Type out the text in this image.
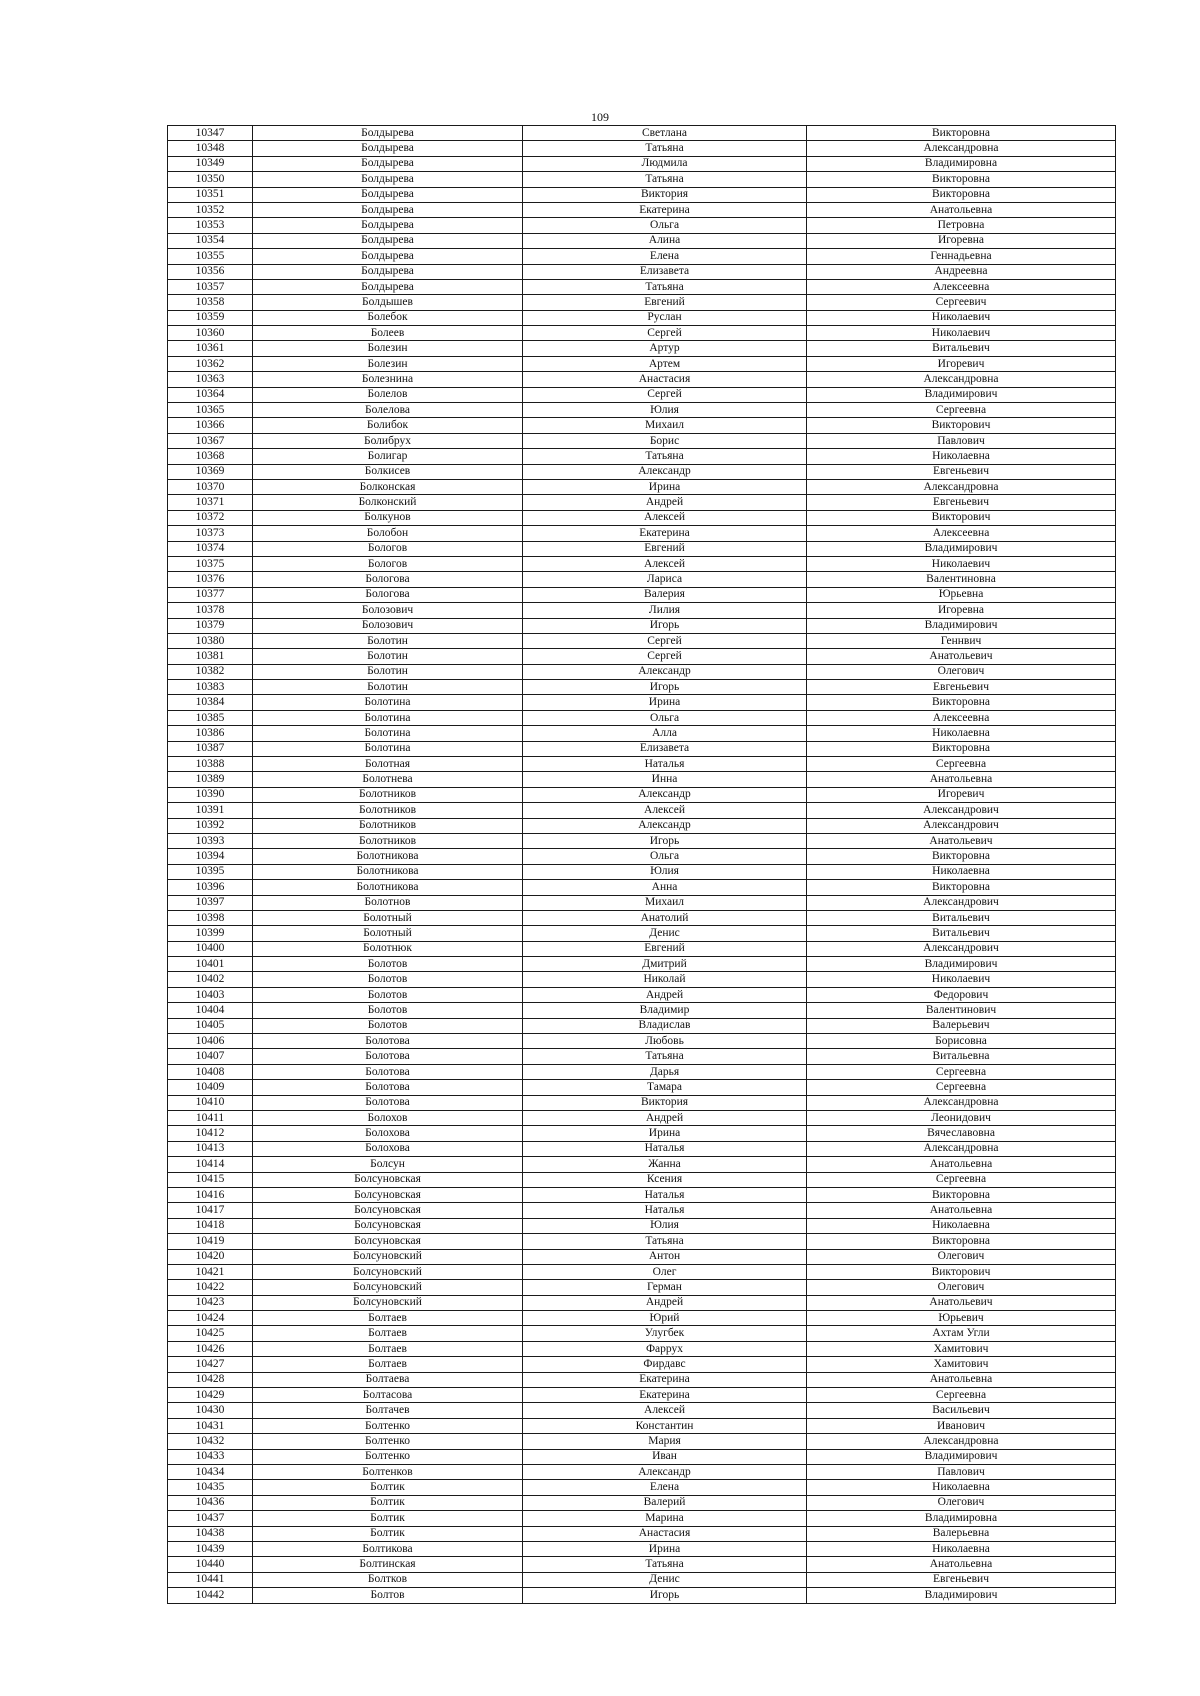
109
10347	Болдырева	Светлана	Викторовна
10348	Болдырева	Татьяна	Александровна
10349	Болдырева	Людмила	Владимировна
10350	Болдырева	Татьяна	Викторовна
10351	Болдырева	Виктория	Викторовна
10352	Болдырева	Екатерина	Анатольевна
10353	Болдырева	Ольга	Петровна
10354	Болдырева	Алина	Игоревна
10355	Болдырева	Елена	Геннадьевна
10356	Болдырева	Елизавета	Андреевна
10357	Болдырева	Татьяна	Алексеевна
10358	Болдышев	Евгений	Сергеевич
10359	Болебок	Руслан	Николаевич
10360	Болеев	Сергей	Николаевич
10361	Болезин	Артур	Витальевич
10362	Болезин	Артем	Игоревич
10363	Болезнина	Анастасия	Александровна
10364	Болелов	Сергей	Владимирович
10365	Болелова	Юлия	Сергеевна
10366	Болибок	Михаил	Викторович
10367	Болибрух	Борис	Павлович
10368	Болигар	Татьяна	Николаевна
10369	Болкисев	Александр	Евгеньевич
10370	Болконская	Ирина	Александровна
10371	Болконский	Андрей	Евгеньевич
10372	Болкунов	Алексей	Викторович
10373	Болобон	Екатерина	Алексеевна
10374	Бологов	Евгений	Владимирович
10375	Бологов	Алексей	Николаевич
10376	Бологова	Лариса	Валентиновна
10377	Бологова	Валерия	Юрьевна
10378	Болозович	Лилия	Игоревна
10379	Болозович	Игорь	Владимирович
10380	Болотин	Сергей	Геннвич
10381	Болотин	Сергей	Анатольевич
10382	Болотин	Александр	Олегович
10383	Болотин	Игорь	Евгеньевич
10384	Болотина	Ирина	Викторовна
10385	Болотина	Ольга	Алексеевна
10386	Болотина	Алла	Николаевна
10387	Болотина	Елизавета	Викторовна
10388	Болотная	Наталья	Сергеевна
10389	Болотнева	Инна	Анатольевна
10390	Болотников	Александр	Игоревич
10391	Болотников	Алексей	Александрович
10392	Болотников	Александр	Александрович
10393	Болотников	Игорь	Анатольевич
10394	Болотникова	Ольга	Викторовна
10395	Болотникова	Юлия	Николаевна
10396	Болотникова	Анна	Викторовна
10397	Болотнов	Михаил	Александрович
10398	Болотный	Анатолий	Витальевич
10399	Болотный	Денис	Витальевич
10400	Болотнюк	Евгений	Александрович
10401	Болотов	Дмитрий	Владимирович
10402	Болотов	Николай	Николаевич
10403	Болотов	Андрей	Федорович
10404	Болотов	Владимир	Валентинович
10405	Болотов	Владислав	Валерьевич
10406	Болотова	Любовь	Борисовна
10407	Болотова	Татьяна	Витальевна
10408	Болотова	Дарья	Сергеевна
10409	Болотова	Тамара	Сергеевна
10410	Болотова	Виктория	Александровна
10411	Болохов	Андрей	Леонидович
10412	Болохова	Ирина	Вячеславовна
10413	Болохова	Наталья	Александровна
10414	Болсун	Жанна	Анатольевна
10415	Болсуновская	Ксения	Сергеевна
10416	Болсуновская	Наталья	Викторовна
10417	Болсуновская	Наталья	Анатольевна
10418	Болсуновская	Юлия	Николаевна
10419	Болсуновская	Татьяна	Викторовна
10420	Болсуновский	Антон	Олегович
10421	Болсуновский	Олег	Викторович
10422	Болсуновский	Герман	Олегович
10423	Болсуновский	Андрей	Анатольевич
10424	Болтаев	Юрий	Юрьевич
10425	Болтаев	Улугбек	Ахтам Угли
10426	Болтаев	Фаррух	Хамитович
10427	Болтаев	Фирдавс	Хамитович
10428	Болтаева	Екатерина	Анатольевна
10429	Болтасова	Екатерина	Сергеевна
10430	Болтачев	Алексей	Васильевич
10431	Болтенко	Константин	Иванович
10432	Болтенко	Мария	Александровна
10433	Болтенко	Иван	Владимирович
10434	Болтенков	Александр	Павлович
10435	Болтик	Елена	Николаевна
10436	Болтик	Валерий	Олегович
10437	Болтик	Марина	Владимировна
10438	Болтик	Анастасия	Валерьевна
10439	Болтикова	Ирина	Николаевна
10440	Болтинская	Татьяна	Анатольевна
10441	Болтков	Денис	Евгеньевич
10442	Болтов	Игорь	Владимирович
